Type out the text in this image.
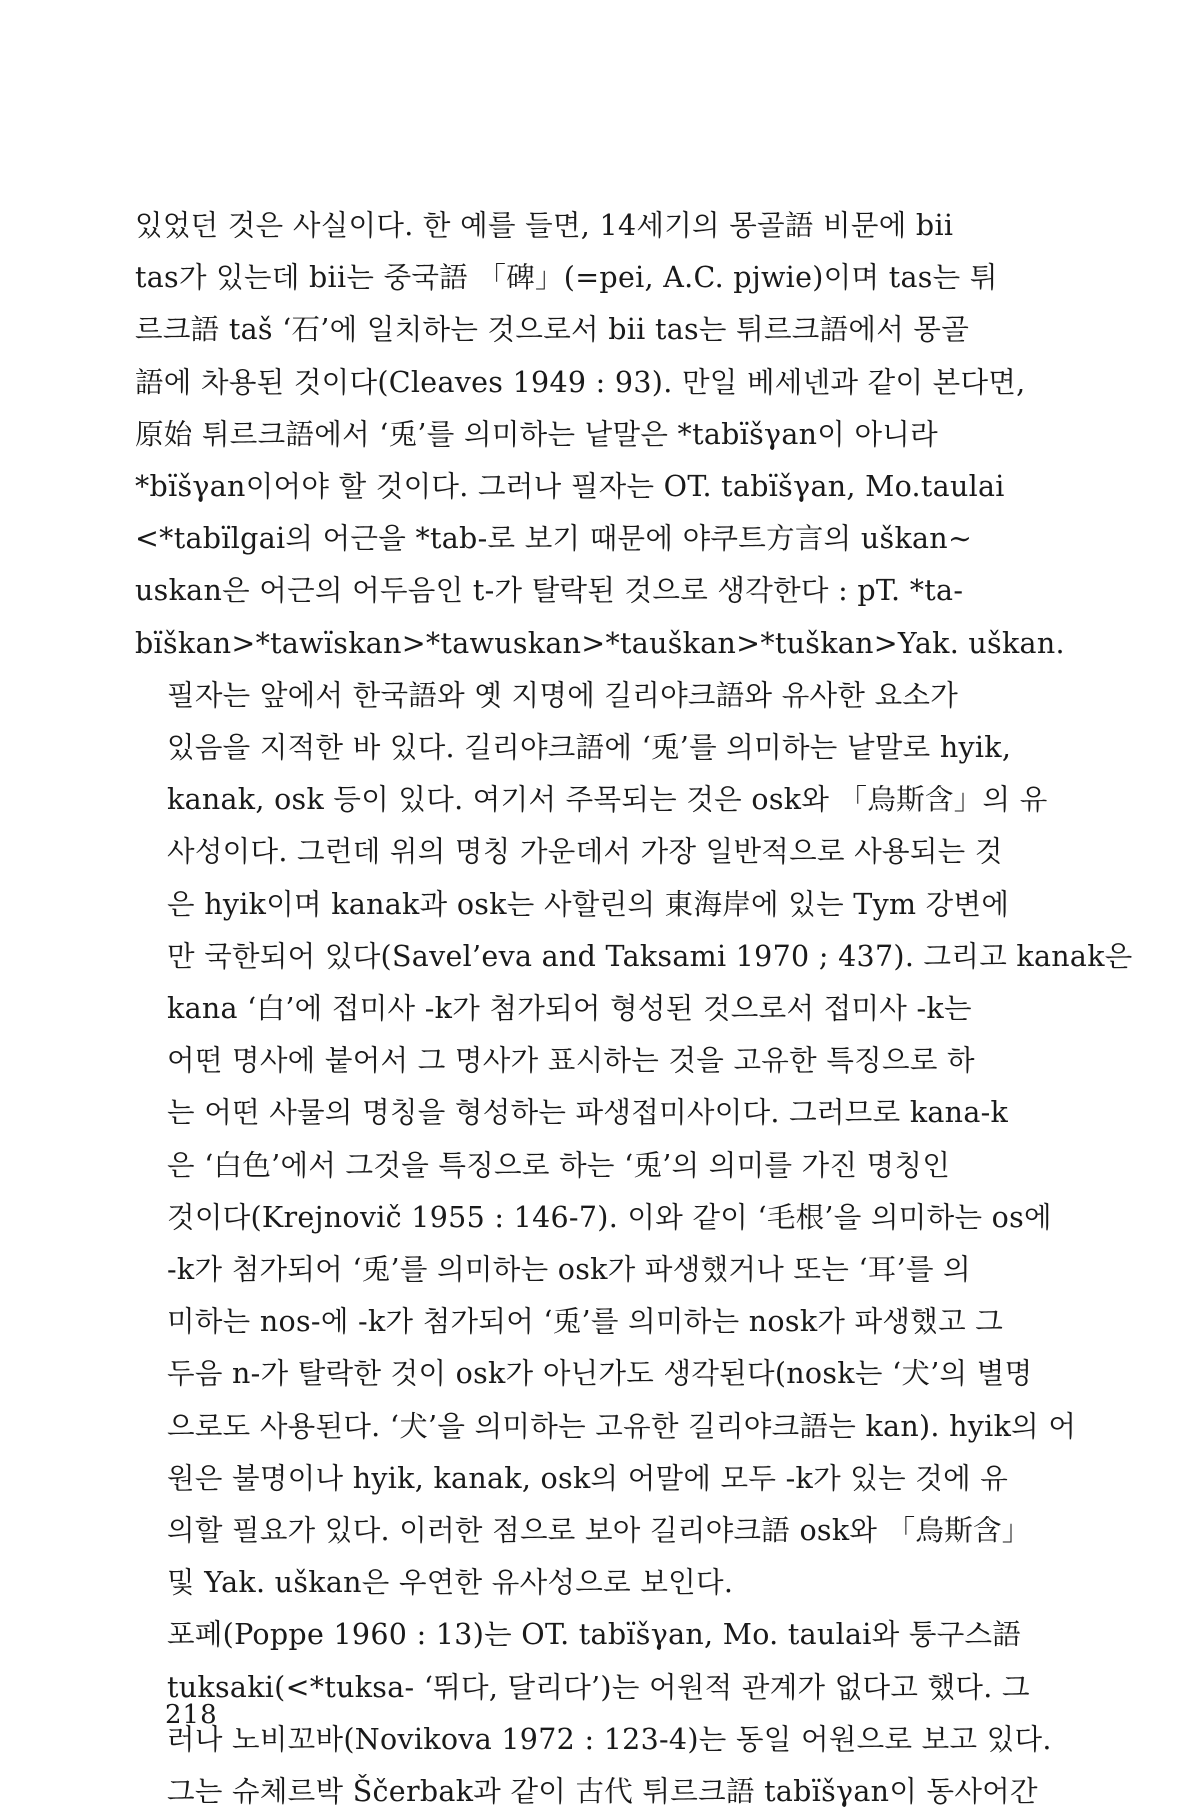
있었던 것은 사실이다. 한 예를 들면, 14세기의 몽골語 비문에 bii
tas가 있는데 bii는 중국語 「碑」(=pei, A.C. pjwie)이며 tas는 튀
르크語 taš ‘石’에 일치하는 것으로서 bii tas는 튀르크語에서 몽골
語에 차용된 것이다(Cleaves 1949 : 93). 만일 베세넨과 같이 본다면,
原始 튀르크語에서 ‘兎’를 의미하는 낱말은 *tabïšγan이 아니라
*bïšγan이어야 할 것이다. 그러나 필자는 OT. tabïšγan, Mo.taulai
<*tabïlgai의 어근을 *tab-로 보기 때문에 야쿠트方言의 uškan∼
uskan은 어근의 어두음인 t-가 탈락된 것으로 생각한다 : pT. *ta-
bïškan>*tawïskan>*tawuskan>*tauškan>*tuškan>Yak. uškan.
필자는 앞에서 한국語와 옛 지명에 길리야크語와 유사한 요소가
있음을 지적한 바 있다. 길리야크語에 ‘兎’를 의미하는 낱말로 hyik,
kanak, osk 등이 있다. 여기서 주목되는 것은 osk와 「烏斯含」의 유
사성이다. 그런데 위의 명칭 가운데서 가장 일반적으로 사용되는 것
은 hyik이며 kanak과 osk는 사할린의 東海岸에 있는 Tym 강변에
만 국한되어 있다(Savel’eva and Taksami 1970 ; 437). 그리고 kanak은
kana ‘白’에 접미사 -k가 첨가되어 형성된 것으로서 접미사 -k는
어떤 명사에 붙어서 그 명사가 표시하는 것을 고유한 특징으로 하
는 어떤 사물의 명칭을 형성하는 파생접미사이다. 그러므로 kana-k
은 ‘白色’에서 그것을 특징으로 하는 ‘兎’의 의미를 가진 명칭인
것이다(Krejnovič 1955 : 146-7). 이와 같이 ‘毛根’을 의미하는 os에
-k가 첨가되어 ‘兎’를 의미하는 osk가 파생했거나 또는 ‘耳’를 의
미하는 nos-에 -k가 첨가되어 ‘兎’를 의미하는 nosk가 파생했고 그
두음 n-가 탈락한 것이 osk가 아닌가도 생각된다(nosk는 ‘犬’의 별명
으로도 사용된다. ‘犬’을 의미하는 고유한 길리야크語는 kan). hyik의 어
원은 불명이나 hyik, kanak, osk의 어말에 모두 -k가 있는 것에 유
의할 필요가 있다. 이러한 점으로 보아 길리야크語 osk와 「烏斯含」
및 Yak. uškan은 우연한 유사성으로 보인다.
포페(Poppe 1960 : 13)는 OT. tabïšγan, Mo. taulai와 퉁구스語
tuksaki(<*tuksa- ‘뛰다, 달리다’)는 어원적 관계가 없다고 했다. 그
러나 노비꼬바(Novikova 1972 : 123-4)는 동일 어원으로 보고 있다.
그는 슈체르박 Ščerbak과 같이 古代 튀르크語 tabïšγan이 동사어간
218
